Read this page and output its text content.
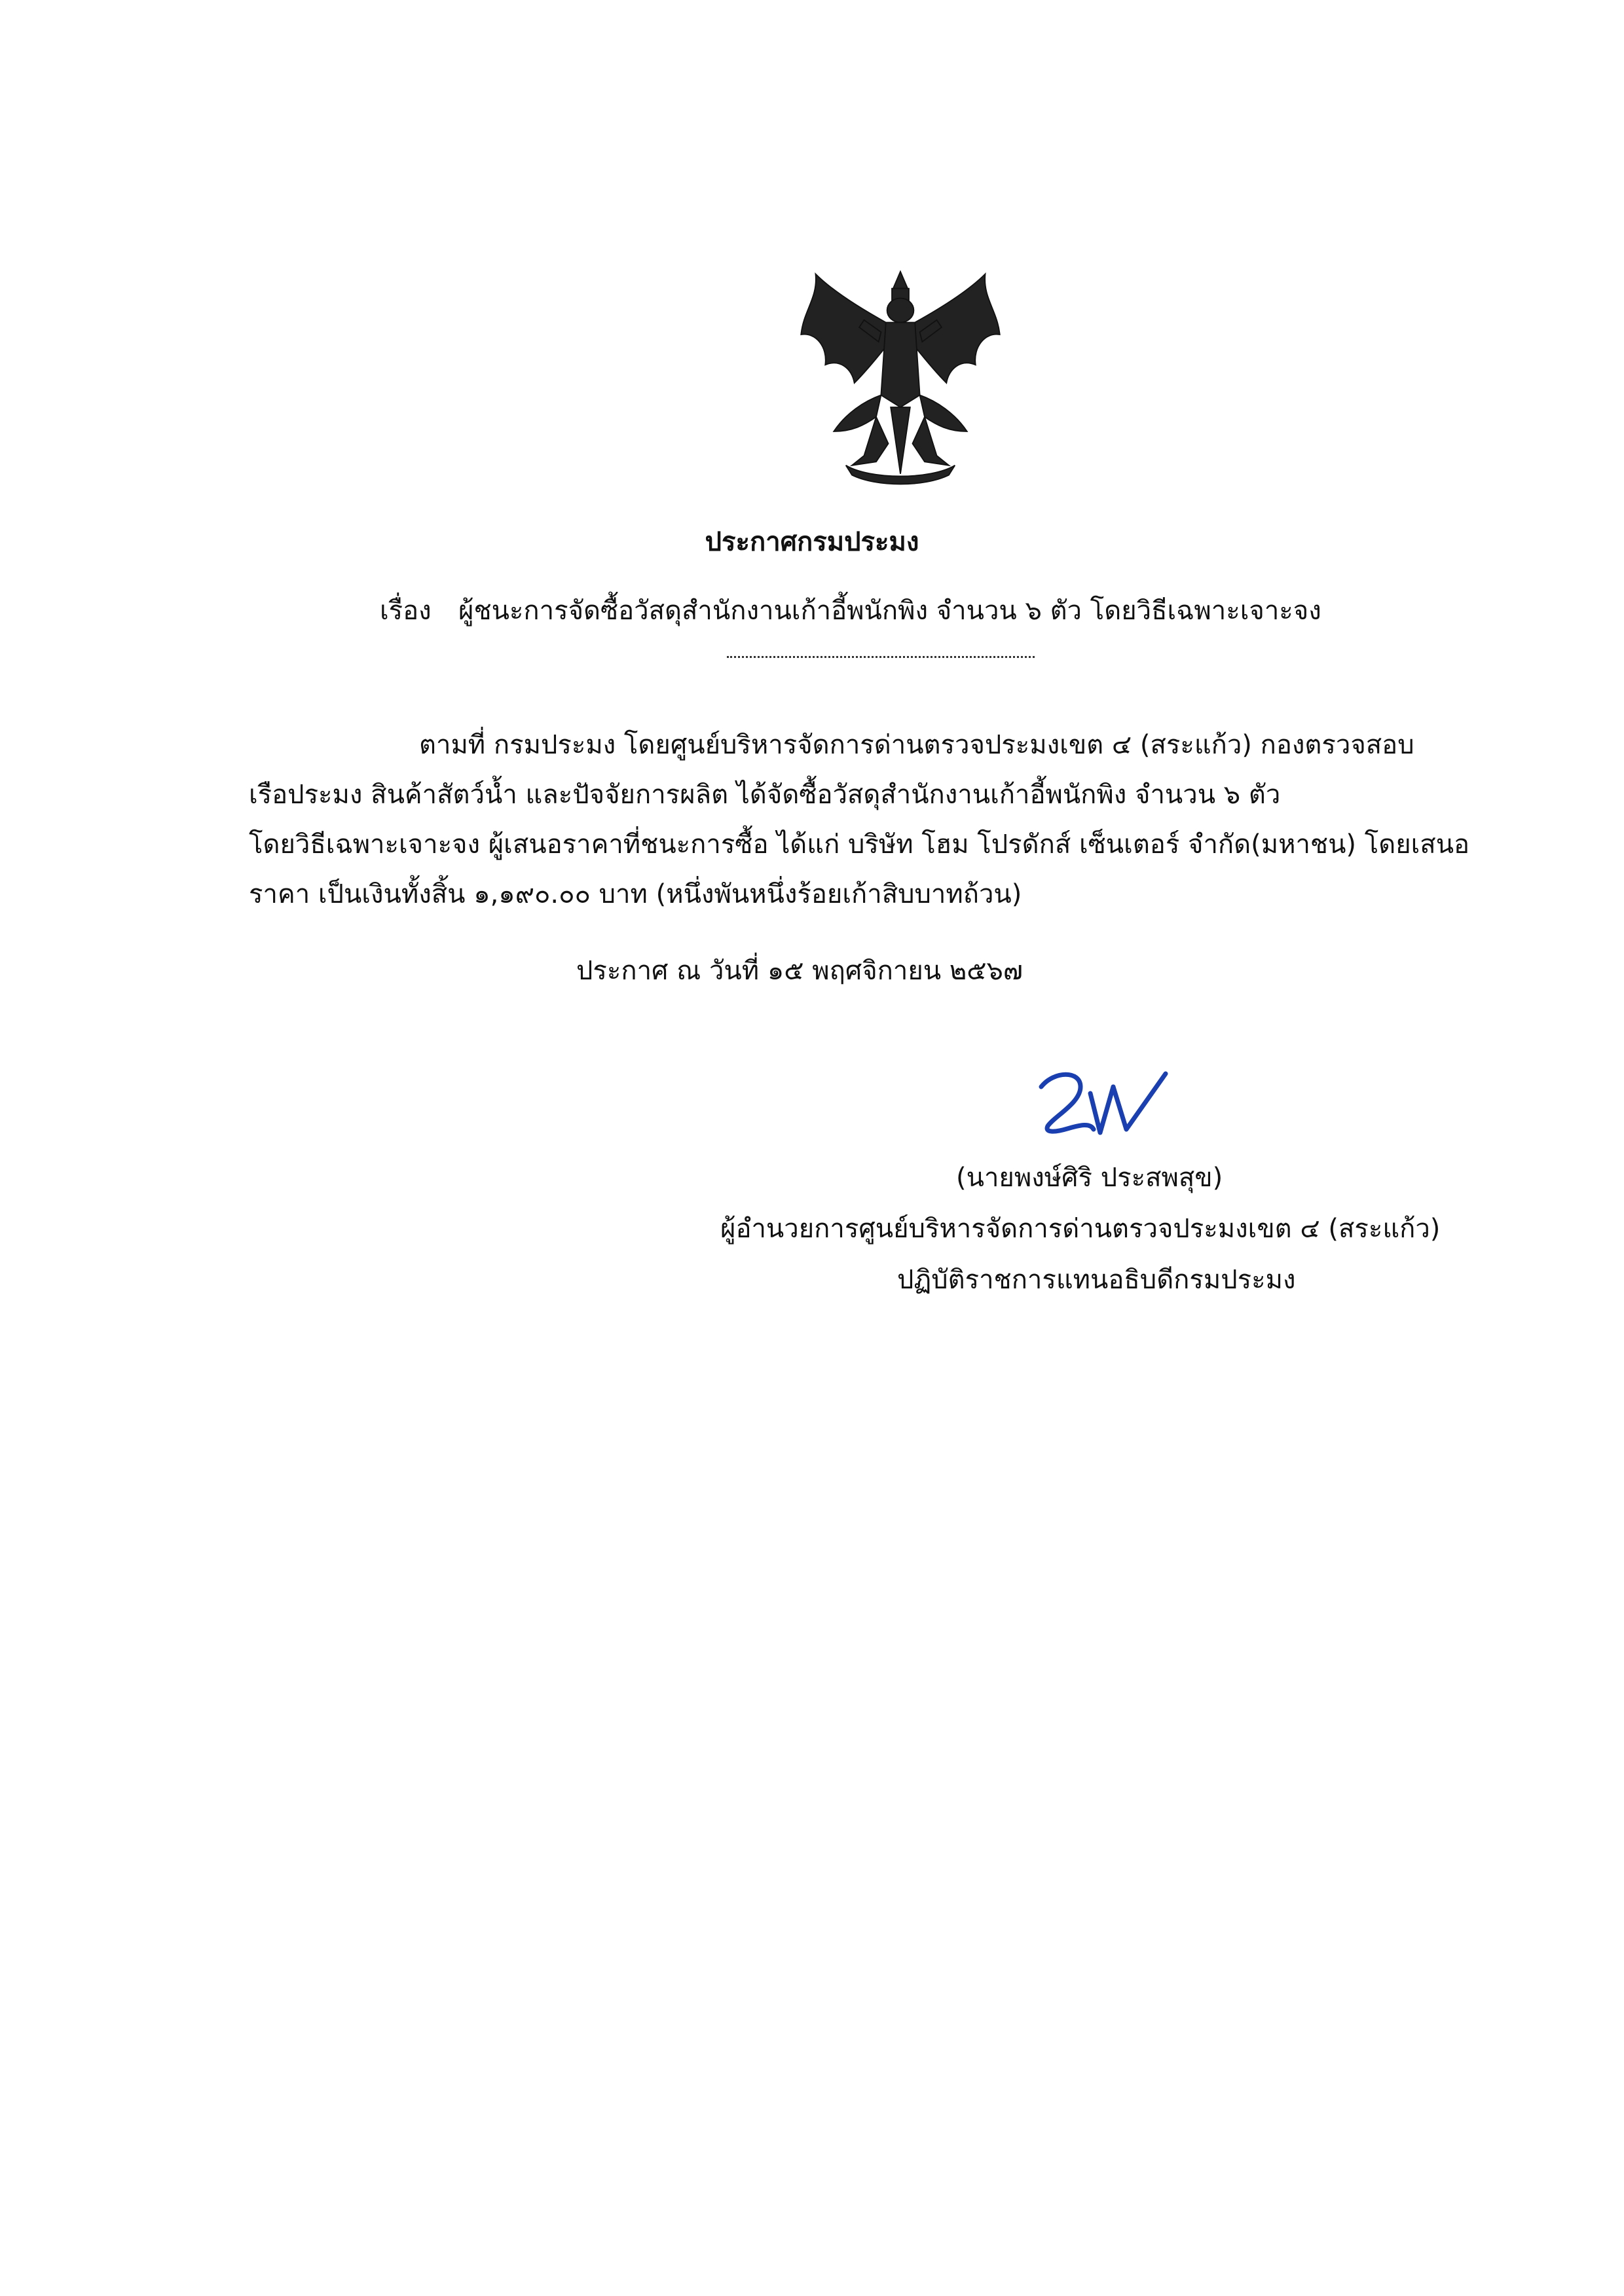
ประกาศกรมประมง
เรื่อง ผู้ชนะการจัดซื้อวัสดุสำนักงานเก้าอี้พนักพิง จำนวน ๖ ตัว โดยวิธีเฉพาะเจาะจง
ตามที่ กรมประมง โดยศูนย์บริหารจัดการด่านตรวจประมงเขต ๔ (สระแก้ว) กองตรวจสอบ
เรือประมง สินค้าสัตว์น้ำ และปัจจัยการผลิต ได้จัดซื้อวัสดุสำนักงานเก้าอี้พนักพิง จำนวน ๖ ตัว
โดยวิธีเฉพาะเจาะจง ผู้เสนอราคาที่ชนะการซื้อ ได้แก่ บริษัท โฮม โปรดักส์ เซ็นเตอร์ จำกัด(มหาชน) โดยเสนอ
ราคา เป็นเงินทั้งสิ้น ๑,๑๙๐.๐๐ บาท (หนึ่งพันหนึ่งร้อยเก้าสิบบาทถ้วน)
ประกาศ ณ วันที่ ๑๕ พฤศจิกายน ๒๕๖๗
(นายพงษ์ศิริ ประสพสุข)
ผู้อำนวยการศูนย์บริหารจัดการด่านตรวจประมงเขต ๔ (สระแก้ว)
ปฏิบัติราชการแทนอธิบดีกรมประมง
